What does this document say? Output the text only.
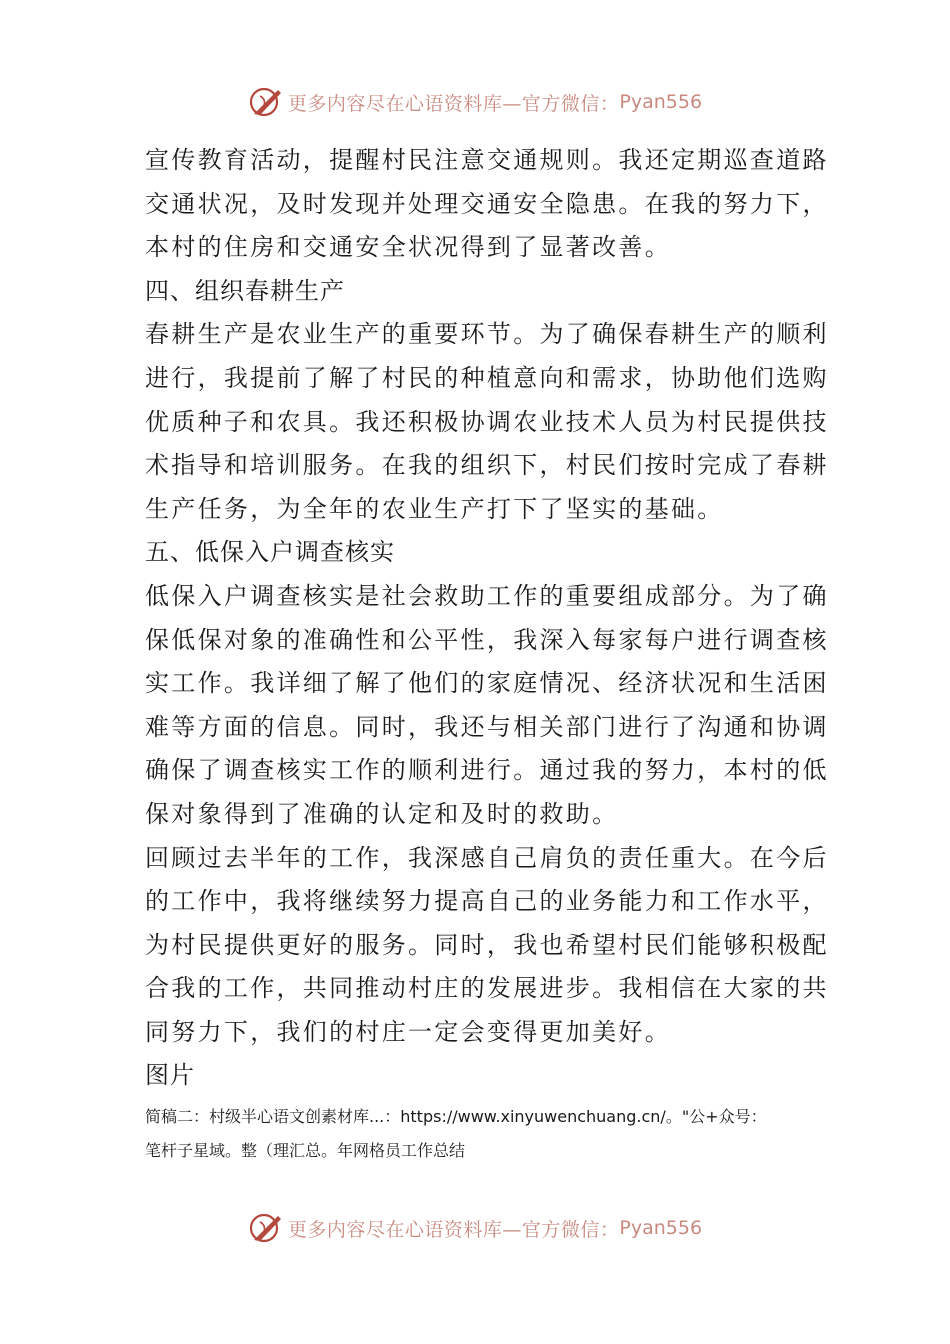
更多内容尽在心语资料库—官方微信： Pyan556
宣传教育活动，提醒村民注意交通规则。我还定期巡查道路
交通状况，及时发现并处理交通安全隐患。在我的努力下，
本村的住房和交通安全状况得到了显著改善。
四、组织春耕生产
春耕生产是农业生产的重要环节。为了确保春耕生产的顺利
进行，我提前了解了村民的种植意向和需求，协助他们选购
优质种子和农具。我还积极协调农业技术人员为村民提供技
术指导和培训服务。在我的组织下，村民们按时完成了春耕
生产任务，为全年的农业生产打下了坚实的基础。
五、低保入户调查核实
低保入户调查核实是社会救助工作的重要组成部分。为了确
保低保对象的准确性和公平性，我深入每家每户进行调查核
实工作。我详细了解了他们的家庭情况、经济状况和生活困
难等方面的信息。同时，我还与相关部门进行了沟通和协调
确保了调查核实工作的顺利进行。通过我的努力，本村的低
保对象得到了准确的认定和及时的救助。
回顾过去半年的工作，我深感自己肩负的责任重大。在今后
的工作中，我将继续努力提高自己的业务能力和工作水平，
为村民提供更好的服务。同时，我也希望村民们能够积极配
合我的工作，共同推动村庄的发展进步。我相信在大家的共
同努力下，我们的村庄一定会变得更加美好。
图片
简稿二：村级半心语文创素材库...：https://www.xinyuwenchuang.cn/。"公+众号：
笔杆子星域。整（理汇总。年网格员工作总结
更多内容尽在心语资料库—官方微信： Pyan556
